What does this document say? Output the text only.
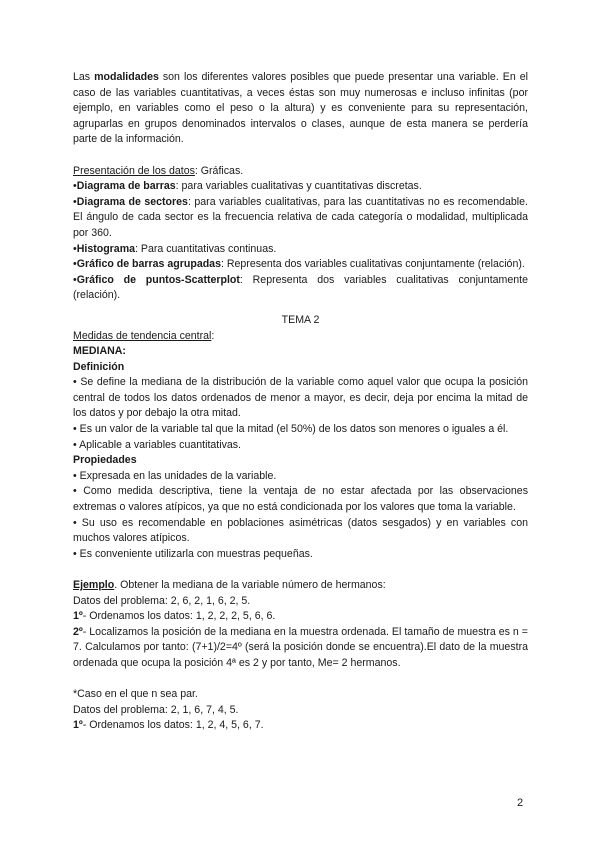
Las modalidades son los diferentes valores posibles que puede presentar una variable. En el caso de las variables cuantitativas, a veces éstas son muy numerosas e incluso infinitas (por ejemplo, en variables como el peso o la altura) y es conveniente para su representación, agruparlas en grupos denominados intervalos o clases, aunque de esta manera se perdería parte de la información.

Presentación de los datos: Gráficas.

•Diagrama de barras: para variables cualitativas y cuantitativas discretas.

•Diagrama de sectores: para variables cualitativas, para las cuantitativas no es recomendable. El ángulo de cada sector es la frecuencia relativa de cada categoría o modalidad, multiplicada por 360.

•Histograma: Para cuantitativas continuas.

•Gráfico de barras agrupadas: Representa dos variables cualitativas conjuntamente (relación).

•Gráfico de puntos-Scatterplot: Representa dos variables cualitativas conjuntamente (relación).

TEMA 2

Medidas de tendencia central:

MEDIANA:

Definición

• Se define la mediana de la distribución de la variable como aquel valor que ocupa la posición central de todos los datos ordenados de menor a mayor, es decir, deja por encima la mitad de los datos y por debajo la otra mitad.

• Es un valor de la variable tal que la mitad (el 50%) de los datos son menores o iguales a él.

• Aplicable a variables cuantitativas.

Propiedades

• Expresada en las unidades de la variable.

• Como medida descriptiva, tiene la ventaja de no estar afectada por las observaciones extremas o valores atípicos, ya que no está condicionada por los valores que toma la variable.

• Su uso es recomendable en poblaciones asimétricas (datos sesgados) y en variables con muchos valores atípicos.

• Es conveniente utilizarla con muestras pequeñas.

Ejemplo. Obtener la mediana de la variable número de hermanos:

Datos del problema: 2, 6, 2, 1, 6, 2, 5.

1º- Ordenamos los datos: 1, 2, 2, 2, 5, 6, 6.

2º- Localizamos la posición de la mediana en la muestra ordenada. El tamaño de muestra es n = 7. Calculamos por tanto: (7+1)/2=4º (será la posición donde se encuentra).El dato de la muestra ordenada que ocupa la posición 4ª es 2 y por tanto, Me= 2 hermanos.

*Caso en el que n sea par.

Datos del problema: 2, 1, 6, 7, 4, 5.

1º- Ordenamos los datos: 1, 2, 4, 5, 6, 7.

2
